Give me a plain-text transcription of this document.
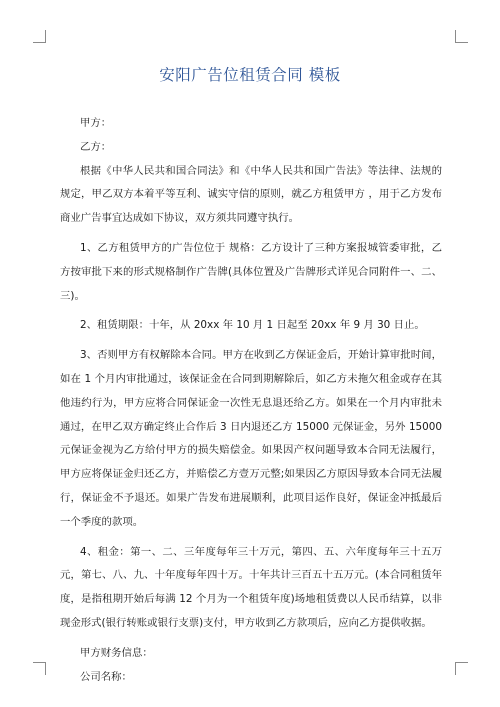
安阳广告位租赁合同 模板

甲方：

乙方：

根据《中华人民共和国合同法》和《中华人民共和国广告法》等法律、法规的规定，甲乙双方本着平等互利、诚实守信的原则，就乙方租赁甲方 ，用于乙方发布商业广告事宜达成如下协议，双方须共同遵守执行。

1、乙方租赁甲方的广告位位于 规格：乙方设计了三种方案报城管委审批，乙方按审批下来的形式规格制作广告牌(具体位置及广告牌形式详见合同附件一、二、三)。

2、租赁期限：十年，从 20xx 年 10 月 1 日起至 20xx 年 9 月 30 日止。

3、否则甲方有权解除本合同。甲方在收到乙方保证金后，开始计算审批时间，如在 1 个月内审批通过，该保证金在合同到期解除后，如乙方未拖欠租金或存在其他违约行为，甲方应将合同保证金一次性无息退还给乙方。如果在一个月内审批未通过，在甲乙双方确定终止合作后 3 日内退还乙方 15000 元保证金，另外 15000 元保证金视为乙方给付甲方的损失赔偿金。如果因产权问题导致本合同无法履行，甲方应将保证金归还乙方，并赔偿乙方壹万元整;如果因乙方原因导致本合同无法履行，保证金不予退还。如果广告发布进展顺利，此项目运作良好，保证金冲抵最后一个季度的款项。

4、租金：第一、二、三年度每年三十万元，第四、五、六年度每年三十五万元，第七、八、九、十年度每年四十万。十年共计三百五十五万元。(本合同租赁年度，是指租期开始后每满 12 个月为一个租赁年度)场地租赁费以人民币结算，以非现金形式(银行转账或银行支票)支付，甲方收到乙方款项后，应向乙方提供收据。

甲方财务信息：

公司名称：
